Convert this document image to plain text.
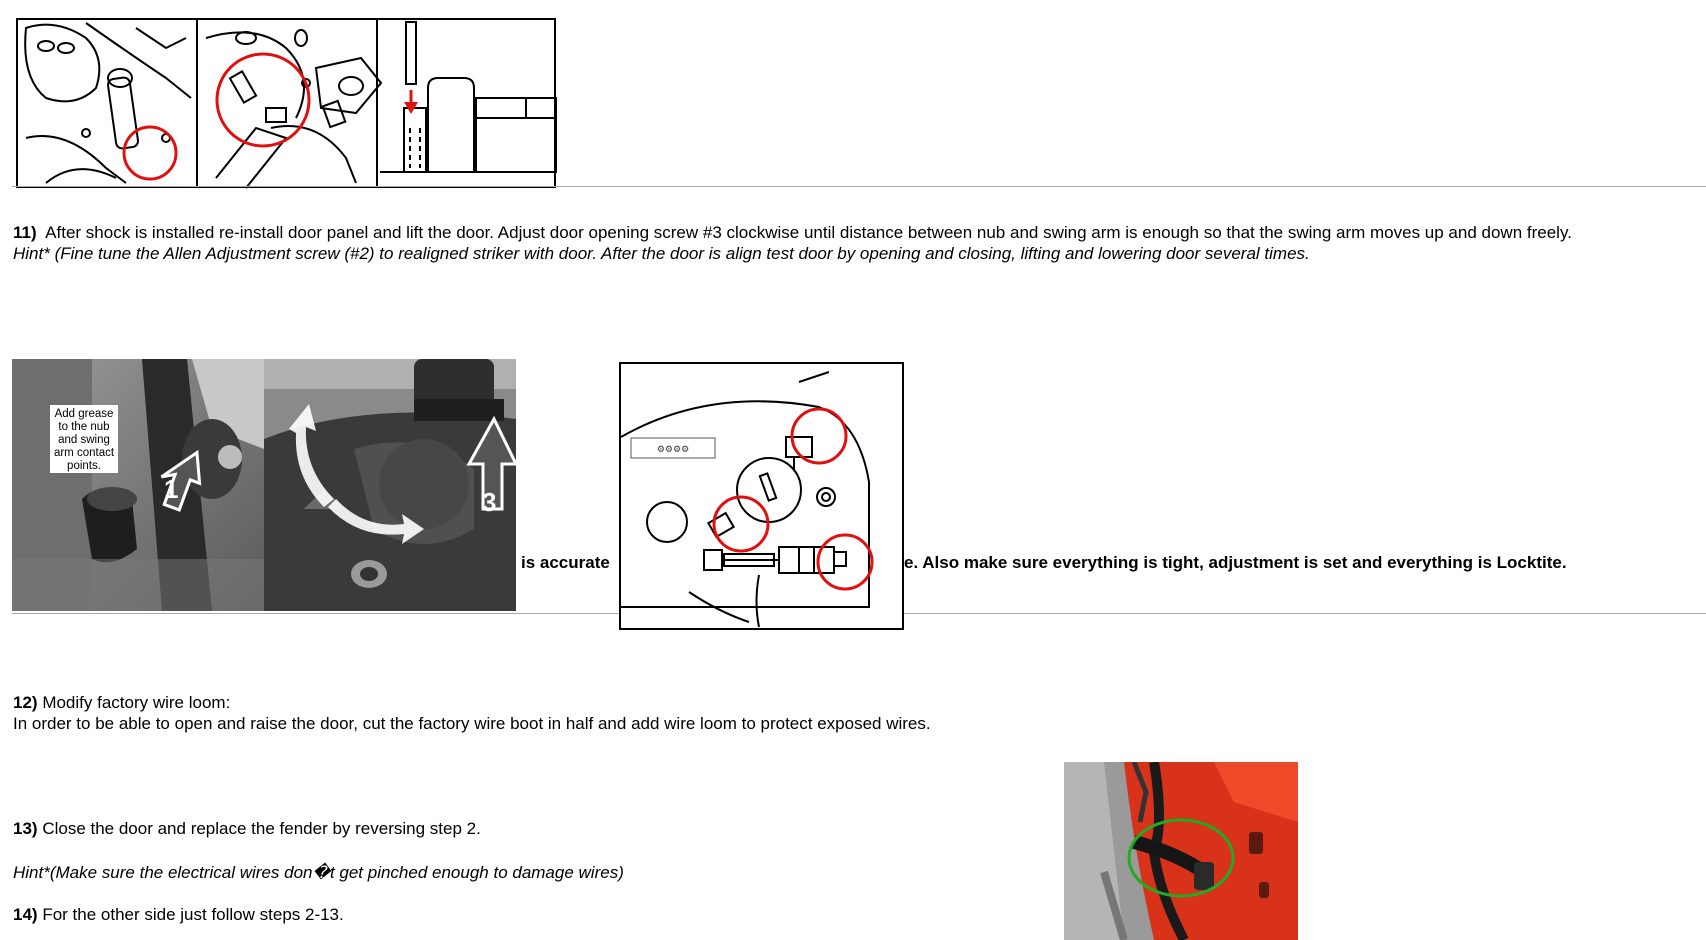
11) After shock is installed re-install door panel and lift the door. Adjust door opening screw #3 clockwise until distance between nub and swing arm is enough so that the swing arm moves up and down freely.
Hint* (Fine tune the Allen Adjustment screw (#2) to realigned striker with door. After the door is align test door by opening and closing, lifting and lowering door several times.
Add grease to the nub and swing arm contact points.
1	3
is accurate	e. Also make sure everything is tight, adjustment is set and everything is Locktite.
⚙⚙⚙⚙
12) Modify factory wire loom:
In order to be able to open and raise the door, cut the factory wire boot in half and add wire loom to protect exposed wires.
13) Close the door and replace the fender by reversing step 2.
Hint*(Make sure the electrical wires don�t get pinched enough to damage wires)
14) For the other side just follow steps 2-13.
